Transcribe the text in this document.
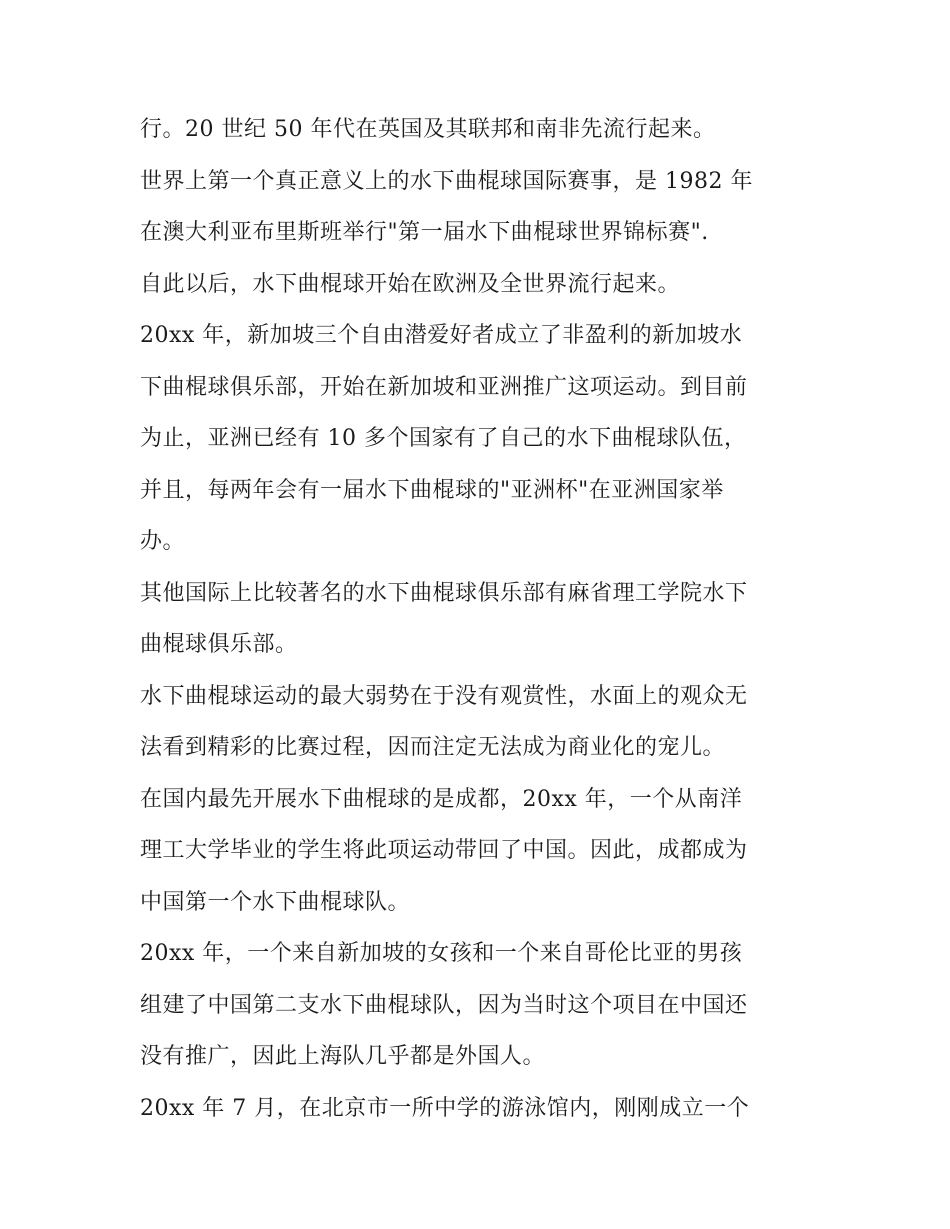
行。20 世纪 50 年代在英国及其联邦和南非先流行起来。
世界上第一个真正意义上的水下曲棍球国际赛事，是 1982 年
在澳大利亚布里斯班举行"第一届水下曲棍球世界锦标赛".
自此以后，水下曲棍球开始在欧洲及全世界流行起来。
20xx 年，新加坡三个自由潜爱好者成立了非盈利的新加坡水
下曲棍球俱乐部，开始在新加坡和亚洲推广这项运动。到目前
为止，亚洲已经有 10 多个国家有了自己的水下曲棍球队伍，
并且，每两年会有一届水下曲棍球的"亚洲杯"在亚洲国家举
办。
其他国际上比较著名的水下曲棍球俱乐部有麻省理工学院水下
曲棍球俱乐部。
水下曲棍球运动的最大弱势在于没有观赏性，水面上的观众无
法看到精彩的比赛过程，因而注定无法成为商业化的宠儿。
在国内最先开展水下曲棍球的是成都，20xx 年，一个从南洋
理工大学毕业的学生将此项运动带回了中国。因此，成都成为
中国第一个水下曲棍球队。
20xx 年，一个来自新加坡的女孩和一个来自哥伦比亚的男孩
组建了中国第二支水下曲棍球队，因为当时这个项目在中国还
没有推广，因此上海队几乎都是外国人。
20xx 年 7 月，在北京市一所中学的游泳馆内，刚刚成立一个
